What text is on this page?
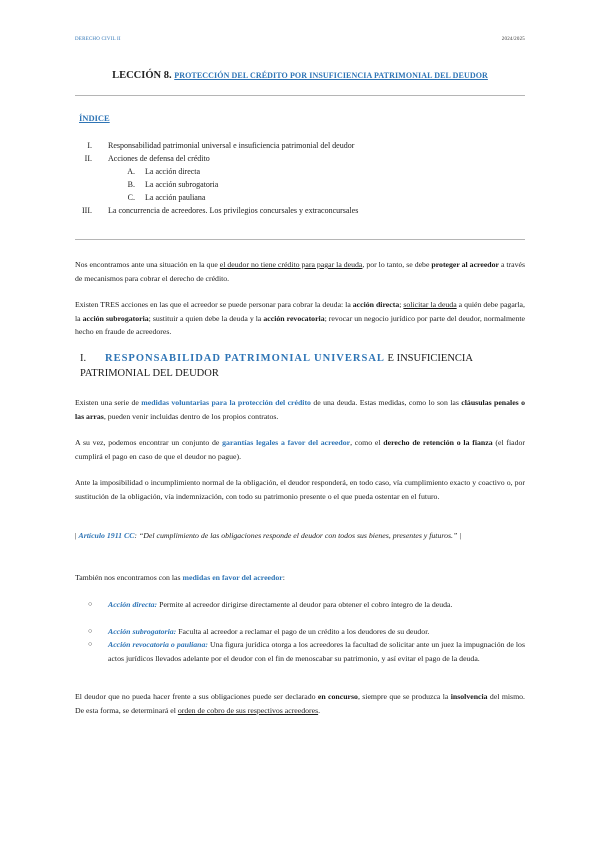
DERECHO CIVIL II	2024/2025
LECCIÓN 8. PROTECCIÓN DEL CRÉDITO POR INSUFICIENCIA PATRIMONIAL DEL DEUDOR
ÍNDICE
I. Responsabilidad patrimonial universal e insuficiencia patrimonial del deudor
II. Acciones de defensa del crédito
A. La acción directa
B. La acción subrogatoria
C. La acción pauliana
III. La concurrencia de acreedores. Los privilegios concursales y extraconcursales
Nos encontramos ante una situación en la que el deudor no tiene crédito para pagar la deuda, por lo tanto, se debe proteger al acreedor a través de mecanismos para cobrar el derecho de crédito.
Existen TRES acciones en las que el acreedor se puede personar para cobrar la deuda: la acción directa; solicitar la deuda a quién debe pagarla, la acción subrogatoria; sustituir a quien debe la deuda y la acción revocatoria; revocar un negocio jurídico por parte del deudor, normalmente hecho en fraude de acreedores.
I. RESPONSABILIDAD PATRIMONIAL UNIVERSAL E INSUFICIENCIA PATRIMONIAL DEL DEUDOR
Existen una serie de medidas voluntarias para la protección del crédito de una deuda. Estas medidas, como lo son las cláusulas penales o las arras, pueden venir incluidas dentro de los propios contratos.
A su vez, podemos encontrar un conjunto de garantías legales a favor del acreedor, como el derecho de retención o la fianza (el fiador cumplirá el pago en caso de que el deudor no pague).
Ante la imposibilidad o incumplimiento normal de la obligación, el deudor responderá, en todo caso, vía cumplimiento exacto y coactivo o, por sustitución de la obligación, vía indemnización, con todo su patrimonio presente o el que pueda ostentar en el futuro.
| Artículo 1911 CC: “Del cumplimiento de las obligaciones responde el deudor con todos sus bienes, presentes y futuros.” |
También nos encontramos con las medidas en favor del acreedor:
○ Acción directa: Permite al acreedor dirigirse directamente al deudor para obtener el cobro íntegro de la deuda.
○ Acción subrogatoria: Faculta al acreedor a reclamar el pago de un crédito a los deudores de su deudor.
○ Acción revocatoria o pauliana: Una figura jurídica otorga a los acreedores la facultad de solicitar ante un juez la impugnación de los actos jurídicos llevados adelante por el deudor con el fin de menoscabar su patrimonio, y así evitar el pago de la deuda.
El deudor que no pueda hacer frente a sus obligaciones puede ser declarado en concurso, siempre que se produzca la insolvencia del mismo. De esta forma, se determinará el orden de cobro de sus respectivos acreedores.
